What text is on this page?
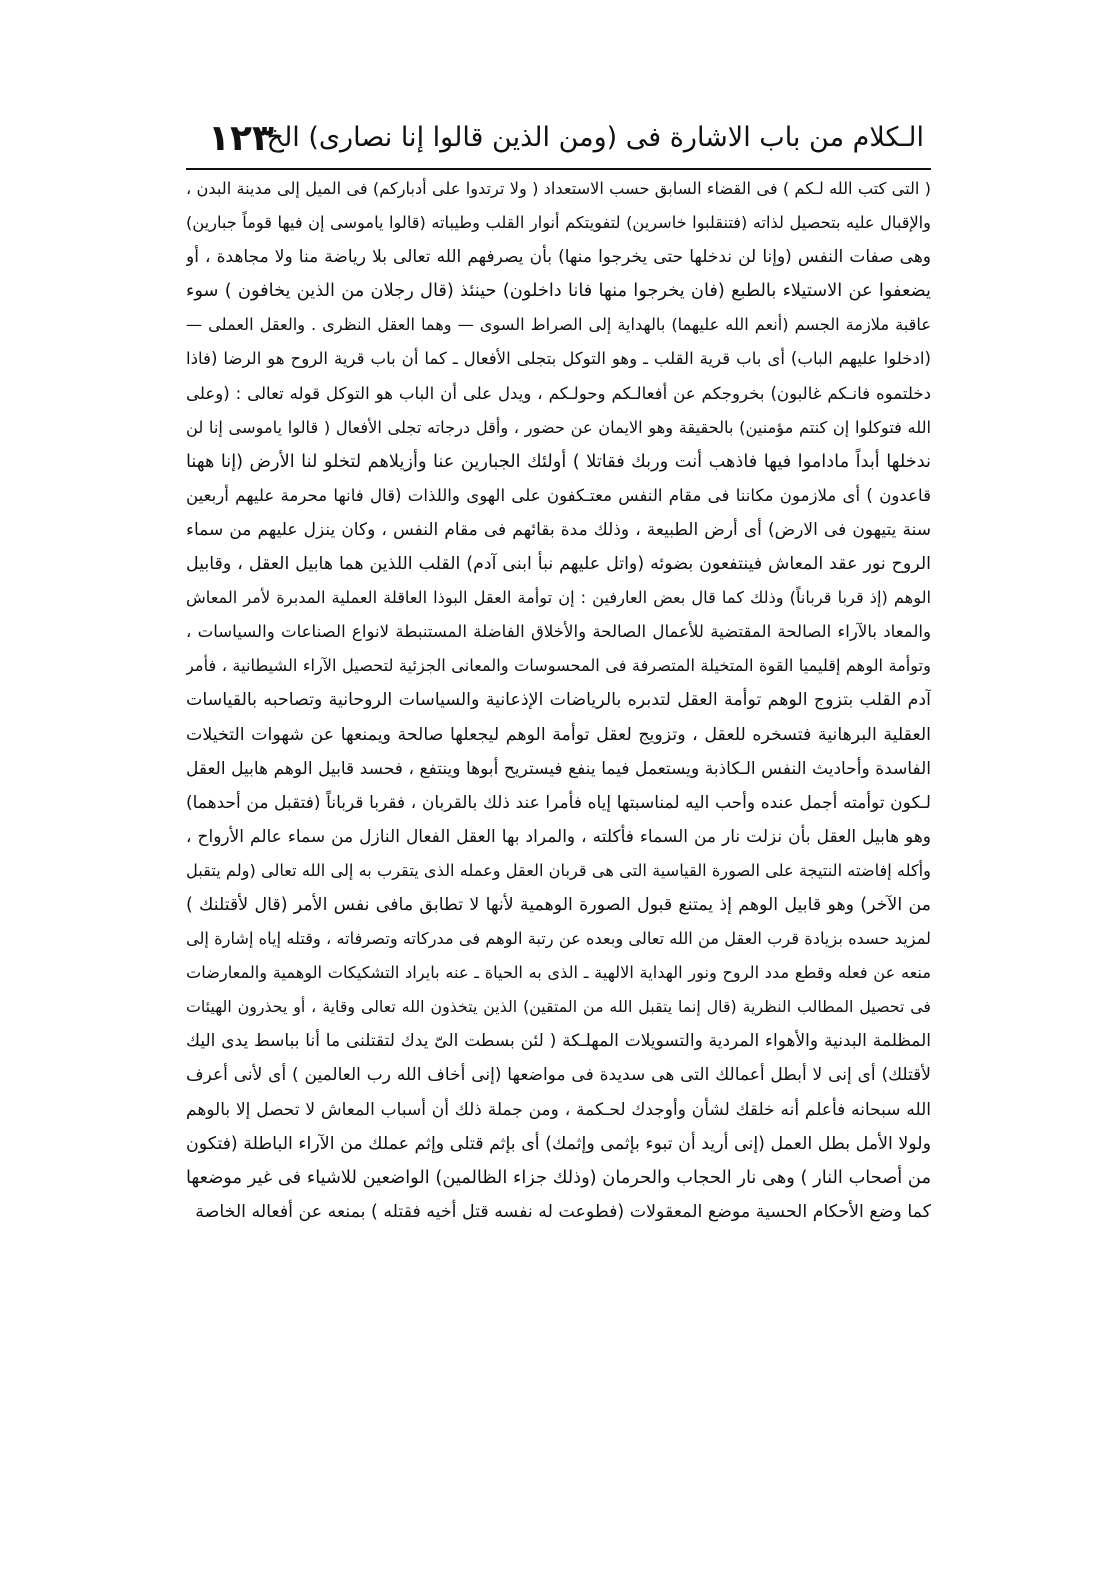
الـكلام من باب الاشارة فى (ومن الذين قالوا إنا نصارى) الخ
١٢٣
( التى كتب الله لـكم ) فى القضاء السابق حسب الاستعداد ( ولا ترتدوا على أدباركم) فى الميل إلى مدينة البدن ،
والإقبال عليه بتحصيل لذاته (فتنقلبوا خاسرين) لتفويتكم أنوار القلب وطيباته (قالوا ياموسى إن فيها قوماً جبارين)
وهى صفات النفس (وإنا لن ندخلها حتى يخرجوا منها) بأن يصرفهم الله تعالى بلا رياضة منا ولا مجاهدة ، أو
يضعفوا عن الاستيلاء بالطبع (فان يخرجوا منها فانا داخلون) حينئذ (قال رجلان من الذين يخافون ) سوء
عاقبة ملازمة الجسم (أنعم الله عليهما) بالهداية إلى الصراط السوى — وهما العقل النظرى . والعقل العملى —
(ادخلوا عليهم الباب) أى باب قرية القلب ـ وهو التوكل بتجلى الأفعال ـ كما أن باب قرية الروح هو الرضا (فاذا
دخلتموه فانـكم غالبون) بخروجكم عن أفعالـكم وحولـكم ، ويدل على أن الباب هو التوكل قوله تعالى : (وعلى
الله فتوكلوا إن كنتم مؤمنين) بالحقيقة وهو الايمان عن حضور ، وأقل درجاته تجلى الأفعال ( قالوا ياموسى إنا لن
ندخلها أبداً ماداموا فيها فاذهب أنت وربك فقاتلا ) أولئك الجبارين عنا وأزيلاهم لتخلو لنا الأرض (إنا ههنا
قاعدون ) أى ملازمون مكاننا فى مقام النفس معتـكفون على الهوى واللذات (قال فانها محرمة عليهم أربعين
سنة يتيهون فى الارض) أى أرض الطبيعة ، وذلك مدة بقائهم فى مقام النفس ، وكان ينزل عليهم من سماء
الروح نور عقد المعاش فينتفعون بضوئه (واتل عليهم نبأ ابنى آدم) القلب اللذين هما هابيل العقل ، وقابيل
الوهم (إذ قربا قرباناً) وذلك كما قال بعض العارفين : إن توأمة العقل البوذا العاقلة العملية المدبرة لأمر المعاش
والمعاد بالآراء الصالحة المقتضية للأعمال الصالحة والأخلاق الفاضلة المستنبطة لانواع الصناعات والسياسات ،
وتوأمة الوهم إقليميا القوة المتخيلة المتصرفة فى المحسوسات والمعانى الجزئية لتحصيل الآراء الشيطانية ، فأمر
آدم القلب بتزوج الوهم توأمة العقل لتدبره بالرياضات الإذعانية والسياسات الروحانية وتصاحبه بالقياسات
العقلية البرهانية فتسخره للعقل ، وتزويج لعقل توأمة الوهم ليجعلها صالحة ويمنعها عن شهوات التخيلات
الفاسدة وأحاديث النفس الـكاذبة ويستعمل فيما ينفع فيستريح أبوها وينتفع ، فحسد قابيل الوهم هابيل العقل
لـكون توأمته أجمل عنده وأحب اليه لمناسبتها إياه فأمرا عند ذلك بالقربان ، فقربا قرباناً (فتقبل من أحدهما)
وهو هابيل العقل بأن نزلت نار من السماء فأكلته ، والمراد بها العقل الفعال النازل من سماء عالم الأرواح ،
وأكله إفاضته النتيجة على الصورة القياسية التى هى قربان العقل وعمله الذى يتقرب به إلى الله تعالى (ولم يتقبل
من الآخر) وهو قابيل الوهم إذ يمتنع قبول الصورة الوهمية لأنها لا تطابق مافى نفس الأمر (قال لأقتلنك )
لمزيد حسده بزيادة قرب العقل من الله تعالى وبعده عن رتبة الوهم فى مدركاته وتصرفاته ، وقتله إياه إشارة إلى
منعه عن فعله وقطع مدد الروح ونور الهداية الالهية ـ الذى به الحياة ـ عنه بايراد التشكيكات الوهمية والمعارضات
فى تحصيل المطالب النظرية (قال إنما يتقبل الله من المتقين) الذين يتخذون الله تعالى وقاية ، أو يحذرون الهيئات
المظلمة البدنية والأهواء المردية والتسويلات المهلـكة ( لئن بسطت الىّ يدك لتقتلنى ما أنا بباسط يدى اليك
لأقتلك) أى إنى لا أبطل أعمالك التى هى سديدة فى مواضعها (إنى أخاف الله رب العالمين ) أى لأنى أعرف
الله سبحانه فأعلم أنه خلقك لشأن وأوجدك لحـكمة ، ومن جملة ذلك أن أسباب المعاش لا تحصل إلا بالوهم
ولولا الأمل بطل العمل (إنى أريد أن تبوء بإثمى وإثمك) أى بإثم قتلى وإثم عملك من الآراء الباطلة (فتكون
من أصحاب النار ) وهى نار الحجاب والحرمان (وذلك جزاء الظالمين) الواضعين للاشياء فى غير موضعها
كما وضع الأحكام الحسية موضع المعقولات (فطوعت له نفسه قتل أخيه فقتله ) بمنعه عن أفعاله الخاصة
